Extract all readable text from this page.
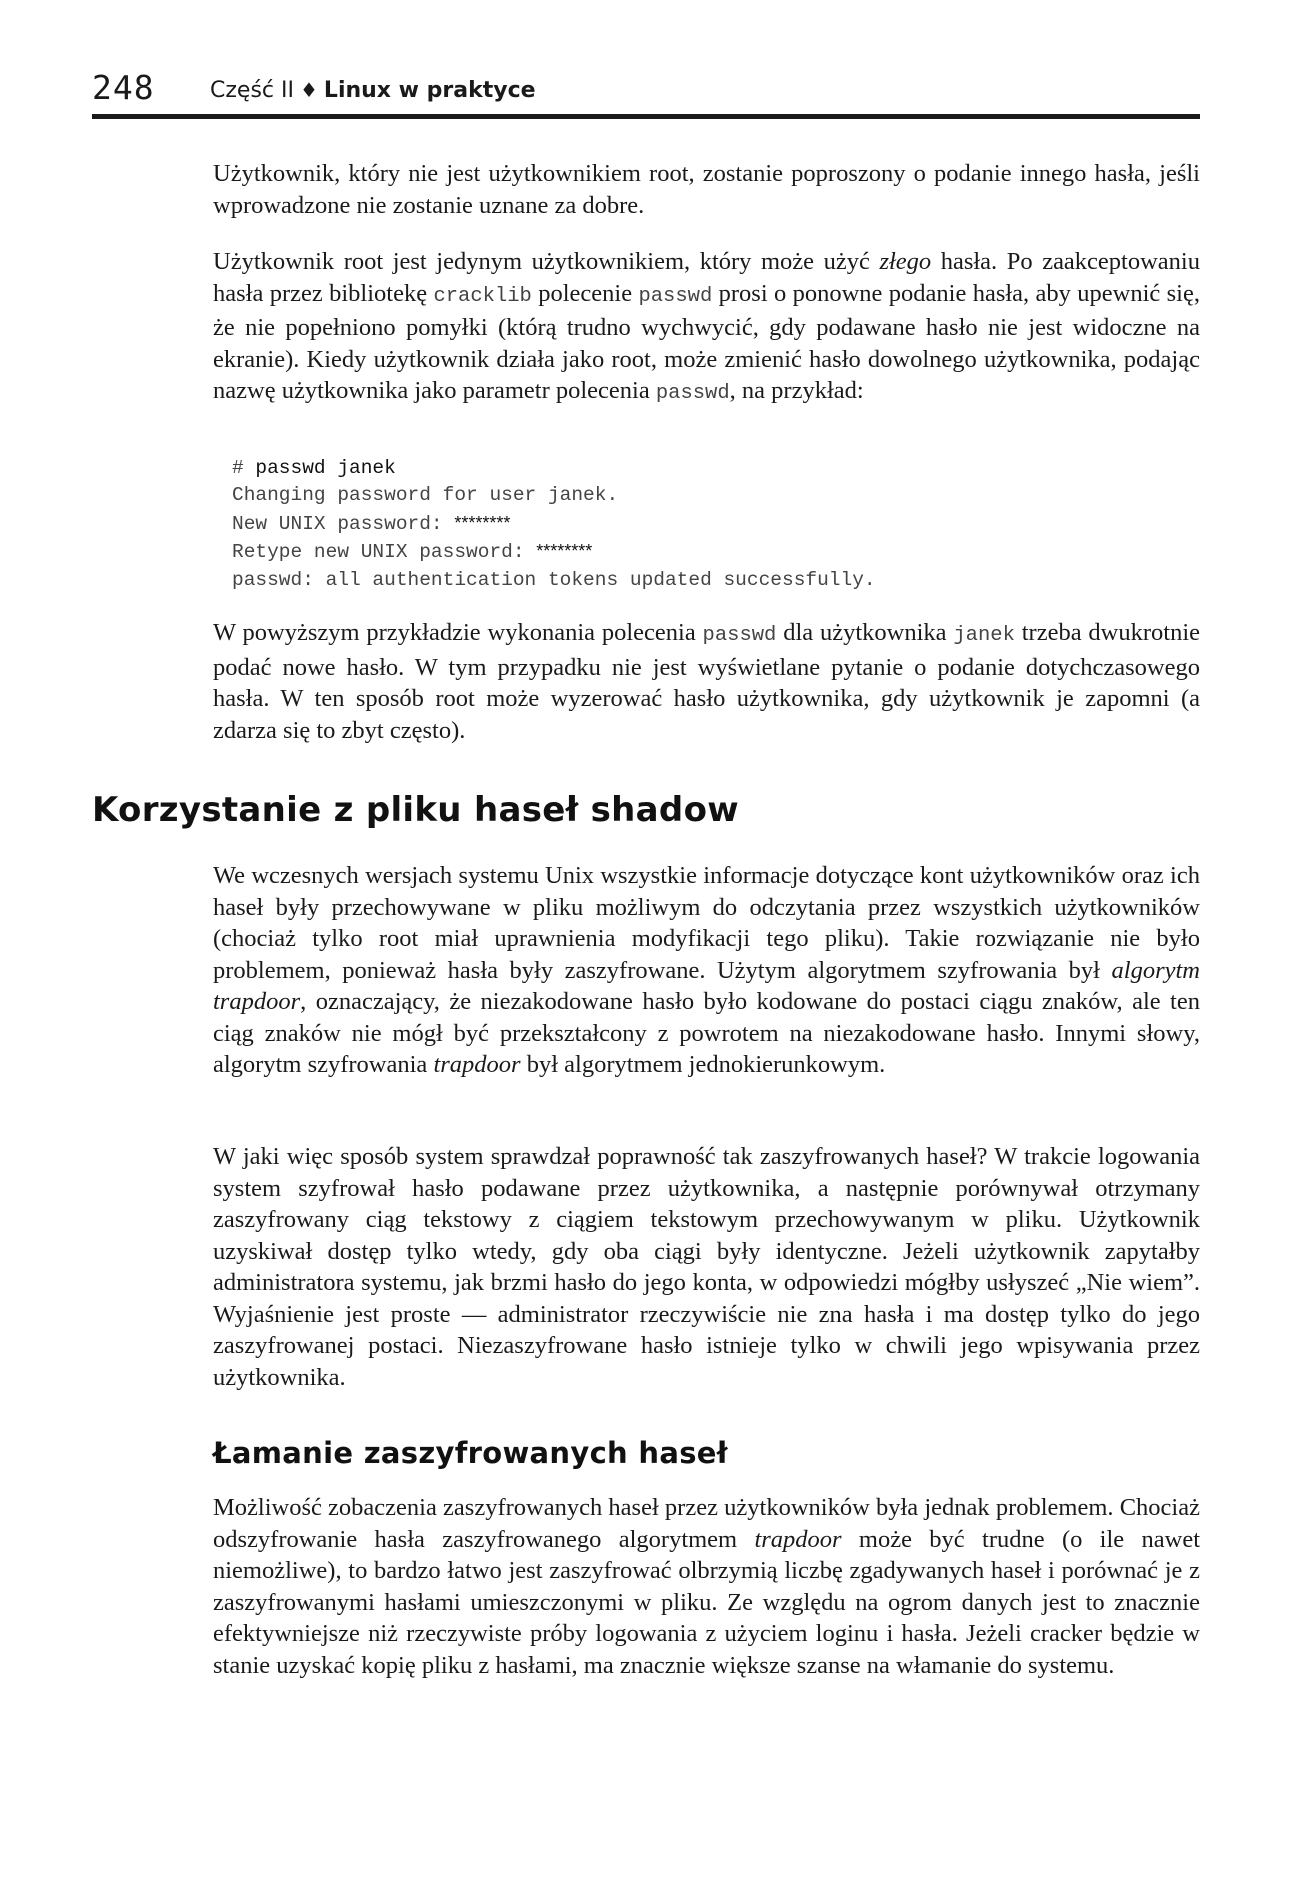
248	Część II ♦ Linux w praktyce

Użytkownik, który nie jest użytkownikiem root, zostanie poproszony o podanie innego hasła, jeśli wprowadzone nie zostanie uznane za dobre.

Użytkownik root jest jedynym użytkownikiem, który może użyć złego hasła. Po zaakceptowaniu hasła przez bibliotekę cracklib polecenie passwd prosi o ponowne podanie hasła, aby upewnić się, że nie popełniono pomyłki (którą trudno wychwycić, gdy podawane hasło nie jest widoczne na ekranie). Kiedy użytkownik działa jako root, może zmienić hasło dowolnego użytkownika, podając nazwę użytkownika jako parametr polecenia passwd, na przykład:

# passwd janek
Changing password for user janek.
New UNIX password: ********
Retype new UNIX password: ********
passwd: all authentication tokens updated successfully.

W powyższym przykładzie wykonania polecenia passwd dla użytkownika janek trzeba dwukrotnie podać nowe hasło. W tym przypadku nie jest wyświetlane pytanie o podanie dotychczasowego hasła. W ten sposób root może wyzerować hasło użytkownika, gdy użytkownik je zapomni (a zdarza się to zbyt często).

Korzystanie z pliku haseł shadow

We wczesnych wersjach systemu Unix wszystkie informacje dotyczące kont użytkowników oraz ich haseł były przechowywane w pliku możliwym do odczytania przez wszystkich użytkowników (chociaż tylko root miał uprawnienia modyfikacji tego pliku). Takie rozwiązanie nie było problemem, ponieważ hasła były zaszyfrowane. Użytym algorytmem szyfrowania był algorytm trapdoor, oznaczający, że niezakodowane hasło było kodowane do postaci ciągu znaków, ale ten ciąg znaków nie mógł być przekształcony z powrotem na niezakodowane hasło. Innymi słowy, algorytm szyfrowania trapdoor był algorytmem jednokierunkowym.

W jaki więc sposób system sprawdzał poprawność tak zaszyfrowanych haseł? W trakcie logowania system szyfrował hasło podawane przez użytkownika, a następnie porównywał otrzymany zaszyfrowany ciąg tekstowy z ciągiem tekstowym przechowywanym w pliku. Użytkownik uzyskiwał dostęp tylko wtedy, gdy oba ciągi były identyczne. Jeżeli użytkownik zapytałby administratora systemu, jak brzmi hasło do jego konta, w odpowiedzi mógłby usłyszeć „Nie wiem”. Wyjaśnienie jest proste — administrator rzeczywiście nie zna hasła i ma dostęp tylko do jego zaszyfrowanej postaci. Niezaszyfrowane hasło istnieje tylko w chwili jego wpisywania przez użytkownika.

Łamanie zaszyfrowanych haseł

Możliwość zobaczenia zaszyfrowanych haseł przez użytkowników była jednak problemem. Chociaż odszyfrowanie hasła zaszyfrowanego algorytmem trapdoor może być trudne (o ile nawet niemożliwe), to bardzo łatwo jest zaszyfrować olbrzymią liczbę zgadywanych haseł i porównać je z zaszyfrowanymi hasłami umieszczonymi w pliku. Ze względu na ogrom danych jest to znacznie efektywniejsze niż rzeczywiste próby logowania z użyciem loginu i hasła. Jeżeli cracker będzie w stanie uzyskać kopię pliku z hasłami, ma znacznie większe szanse na włamanie do systemu.
